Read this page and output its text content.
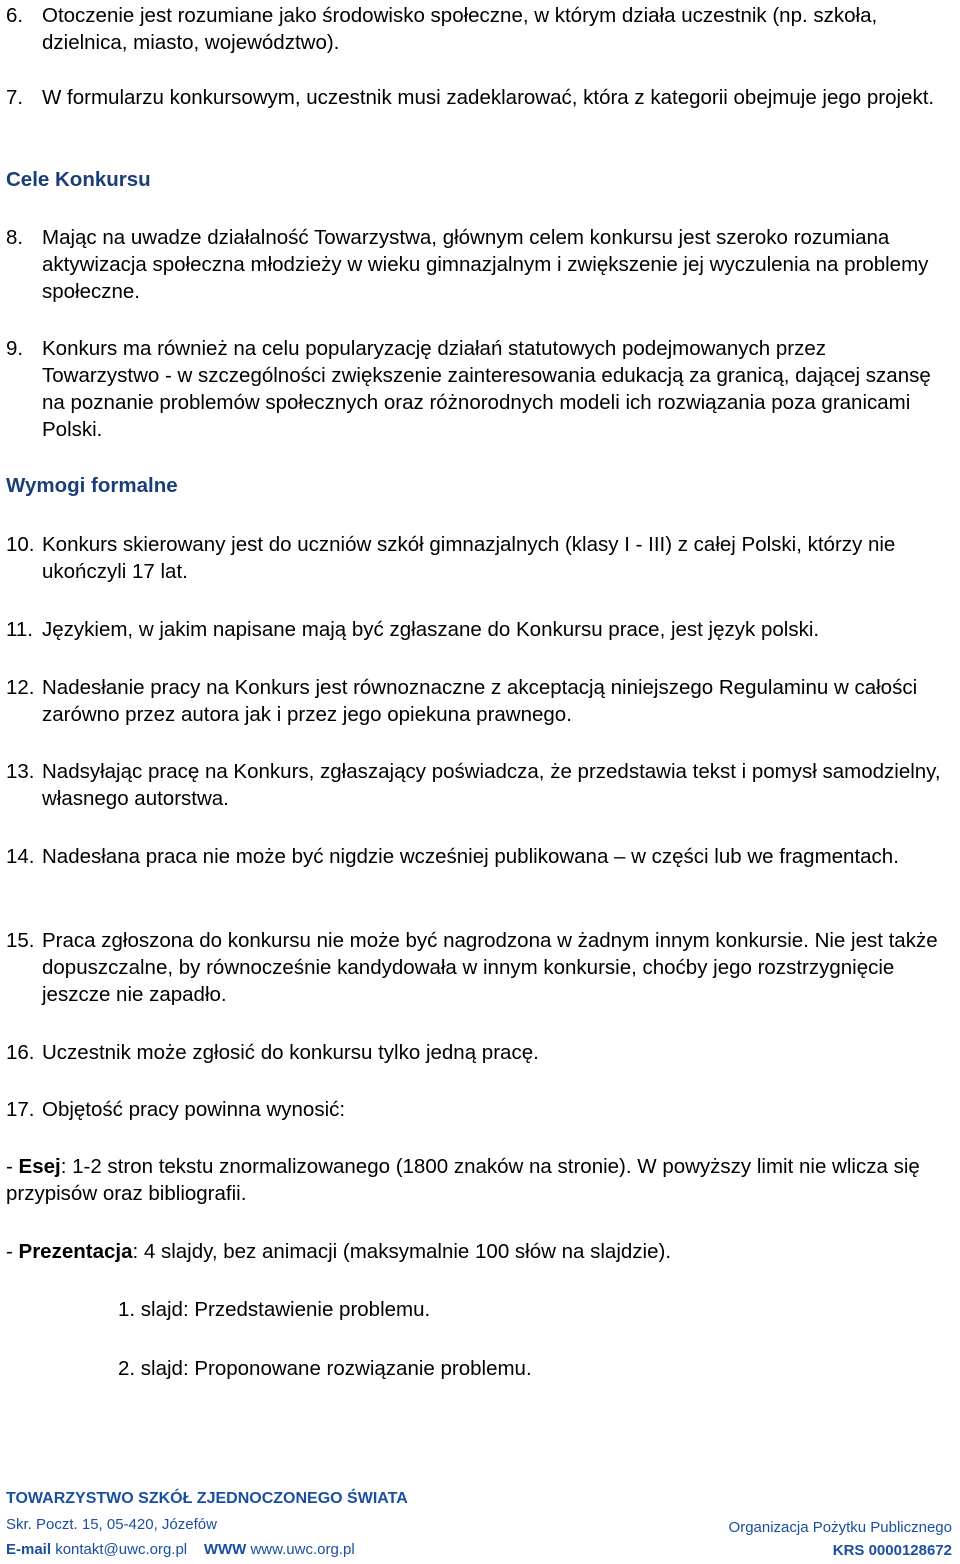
6. Otoczenie jest rozumiane jako środowisko społeczne, w którym działa uczestnik (np. szkoła, dzielnica, miasto, województwo).
7. W formularzu konkursowym, uczestnik musi zadeklarować, która z kategorii obejmuje jego projekt.
Cele Konkursu
8. Mając na uwadze działalność Towarzystwa, głównym celem konkursu jest szeroko rozumiana aktywizacja społeczna młodzieży w wieku gimnazjalnym i zwiększenie jej wyczulenia na problemy społeczne.
9. Konkurs ma również na celu popularyzację działań statutowych podejmowanych przez Towarzystwo - w szczególności zwiększenie zainteresowania edukacją za granicą, dającej szansę na poznanie problemów społecznych oraz różnorodnych modeli ich rozwiązania poza granicami Polski.
Wymogi formalne
10. Konkurs skierowany jest do uczniów szkół gimnazjalnych (klasy I - III) z całej Polski, którzy nie ukończyli 17 lat.
11. Językiem, w jakim napisane mają być zgłaszane do Konkursu prace, jest język polski.
12. Nadesłanie pracy na Konkurs jest równoznaczne z akceptacją niniejszego Regulaminu w całości zarówno przez autora jak i przez jego opiekuna prawnego.
13. Nadsyłając pracę na Konkurs, zgłaszający poświadcza, że przedstawia tekst i pomysł samodzielny, własnego autorstwa.
14. Nadesłana praca nie może być nigdzie wcześniej publikowana – w części lub we fragmentach.
15. Praca zgłoszona do konkursu nie może być nagrodzona w żadnym innym konkursie. Nie jest także dopuszczalne, by równocześnie kandydowała w innym konkursie, choćby jego rozstrzygnięcie jeszcze nie zapadło.
16. Uczestnik może zgłosić do konkursu tylko jedną pracę.
17. Objętość pracy powinna wynosić:
- Esej: 1-2 stron tekstu znormalizowanego (1800 znaków na stronie). W powyższy limit nie wlicza się przypisów oraz bibliografii.
- Prezentacja: 4 slajdy, bez animacji (maksymalnie 100 słów na slajdzie).
1. slajd: Przedstawienie problemu.
2. slajd: Proponowane rozwiązanie problemu.
TOWARZYSTWO SZKÓŁ ZJEDNOCZONEGO ŚWIATA
Skr. Poczt. 15, 05-420, Józefów
E-mail kontakt@uwc.org.pl WWW www.uwc.org.pl
Organizacja Pożytku Publicznego
KRS 0000128672
